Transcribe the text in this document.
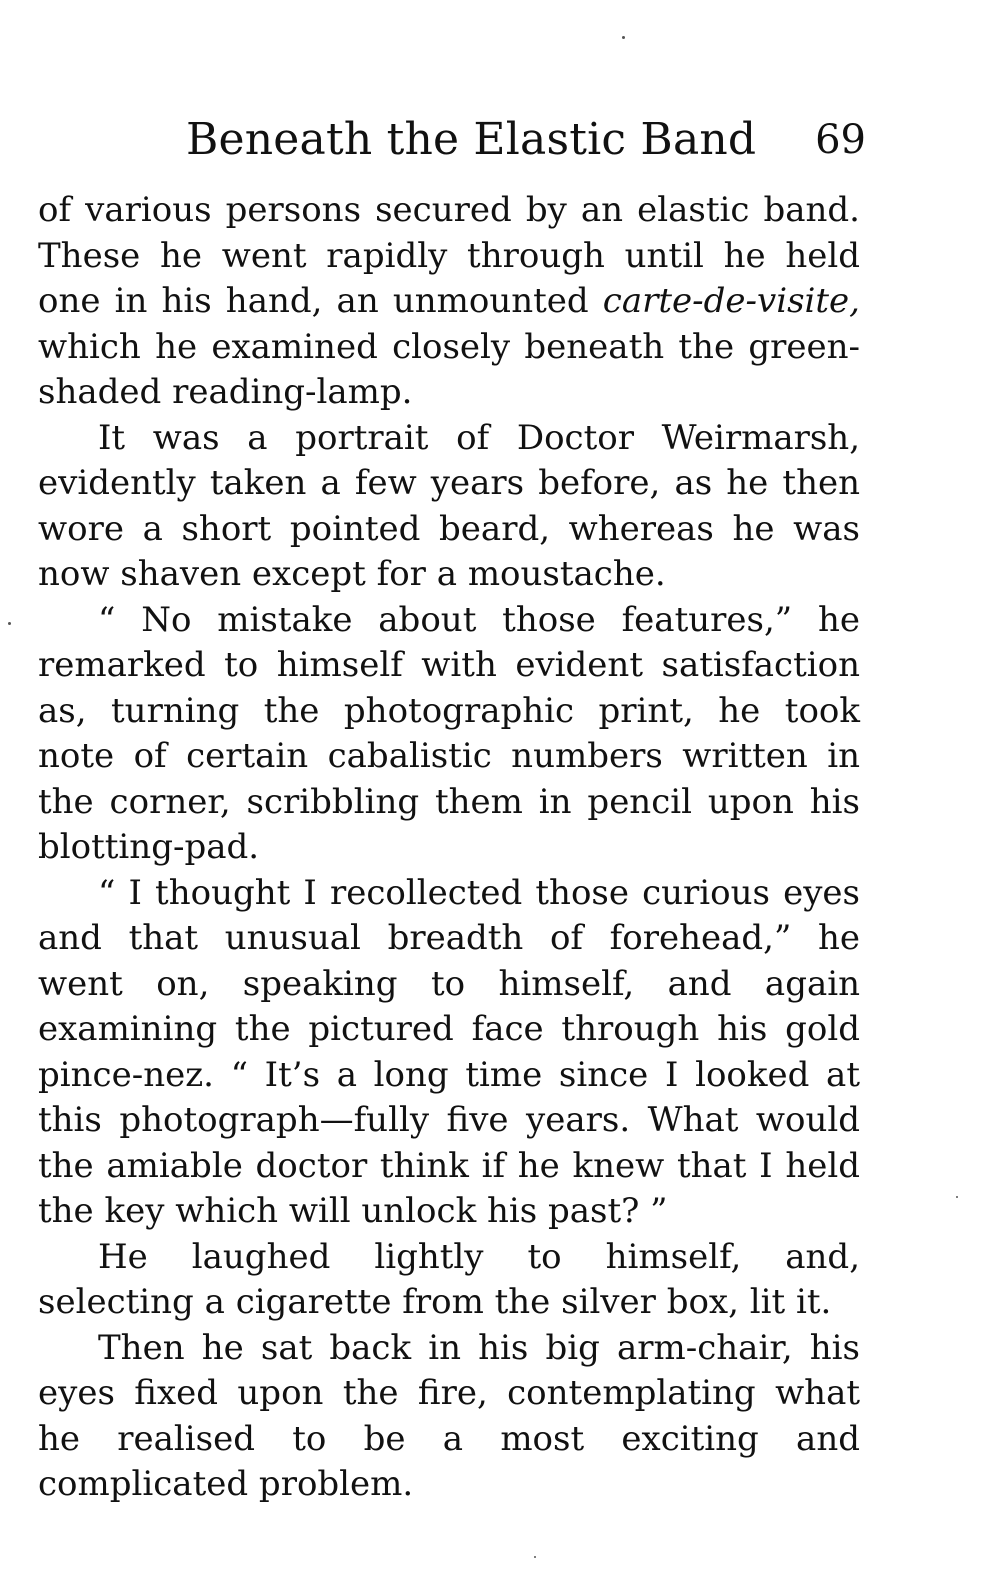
Beneath the Elastic Band 69

of various persons secured by an elastic band. These he went rapidly through until he held one in his hand, an unmounted carte-de-visite, which he examined closely beneath the green-shaded reading-lamp.

It was a portrait of Doctor Weirmarsh, evidently taken a few years before, as he then wore a short pointed beard, whereas he was now shaven except for a moustache.

“ No mistake about those features,” he remarked to himself with evident satisfaction as, turning the photographic print, he took note of certain cabalistic numbers written in the corner, scribbling them in pencil upon his blotting-pad.

“ I thought I recollected those curious eyes and that unusual breadth of forehead,” he went on, speaking to himself, and again examining the pictured face through his gold pince-nez. “ It’s a long time since I looked at this photograph—fully five years. What would the amiable doctor think if he knew that I held the key which will unlock his past? ”

He laughed lightly to himself, and, selecting a cigarette from the silver box, lit it.

Then he sat back in his big arm-chair, his eyes fixed upon the fire, contemplating what he realised to be a most exciting and complicated problem.
